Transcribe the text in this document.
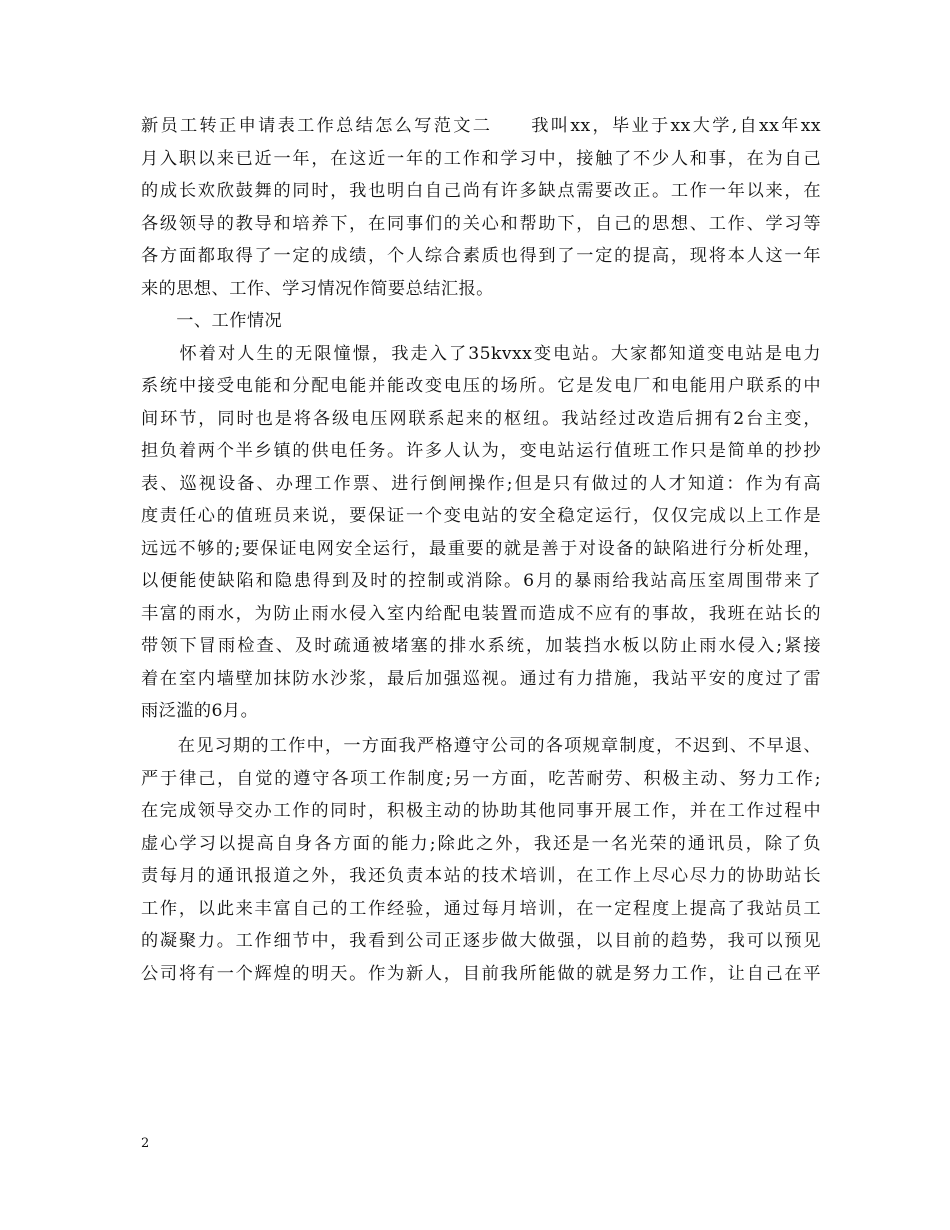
新员工转正申请表工作总结怎么写范文二　　我叫xx，毕业于xx大学,自xx年xx
月入职以来已近一年，在这近一年的工作和学习中，接触了不少人和事，在为自己
的成长欢欣鼓舞的同时，我也明白自己尚有许多缺点需要改正。工作一年以来，在
各级领导的教导和培养下，在同事们的关心和帮助下，自己的思想、工作、学习等
各方面都取得了一定的成绩，个人综合素质也得到了一定的提高，现将本人这一年
来的思想、工作、学习情况作简要总结汇报。
　　一、工作情况
　　怀着对人生的无限憧憬，我走入了35kvxx变电站。大家都知道变电站是电力
系统中接受电能和分配电能并能改变电压的场所。它是发电厂和电能用户联系的中
间环节，同时也是将各级电压网联系起来的枢纽。我站经过改造后拥有2台主变，
担负着两个半乡镇的供电任务。许多人认为，变电站运行值班工作只是简单的抄抄
表、巡视设备、办理工作票、进行倒闸操作;但是只有做过的人才知道：作为有高
度责任心的值班员来说，要保证一个变电站的安全稳定运行，仅仅完成以上工作是
远远不够的;要保证电网安全运行，最重要的就是善于对设备的缺陷进行分析处理，
以便能使缺陷和隐患得到及时的控制或消除。6月的暴雨给我站高压室周围带来了
丰富的雨水，为防止雨水侵入室内给配电装置而造成不应有的事故，我班在站长的
带领下冒雨检查、及时疏通被堵塞的排水系统，加装挡水板以防止雨水侵入;紧接
着在室内墙壁加抹防水沙浆，最后加强巡视。通过有力措施，我站平安的度过了雷
雨泛滥的6月。
　　在见习期的工作中，一方面我严格遵守公司的各项规章制度，不迟到、不早退、
严于律己，自觉的遵守各项工作制度;另一方面，吃苦耐劳、积极主动、努力工作;
在完成领导交办工作的同时，积极主动的协助其他同事开展工作，并在工作过程中
虚心学习以提高自身各方面的能力;除此之外，我还是一名光荣的通讯员，除了负
责每月的通讯报道之外，我还负责本站的技术培训，在工作上尽心尽力的协助站长
工作，以此来丰富自己的工作经验，通过每月培训，在一定程度上提高了我站员工
的凝聚力。工作细节中，我看到公司正逐步做大做强，以目前的趋势，我可以预见
公司将有一个辉煌的明天。作为新人，目前我所能做的就是努力工作，让自己在平
2
